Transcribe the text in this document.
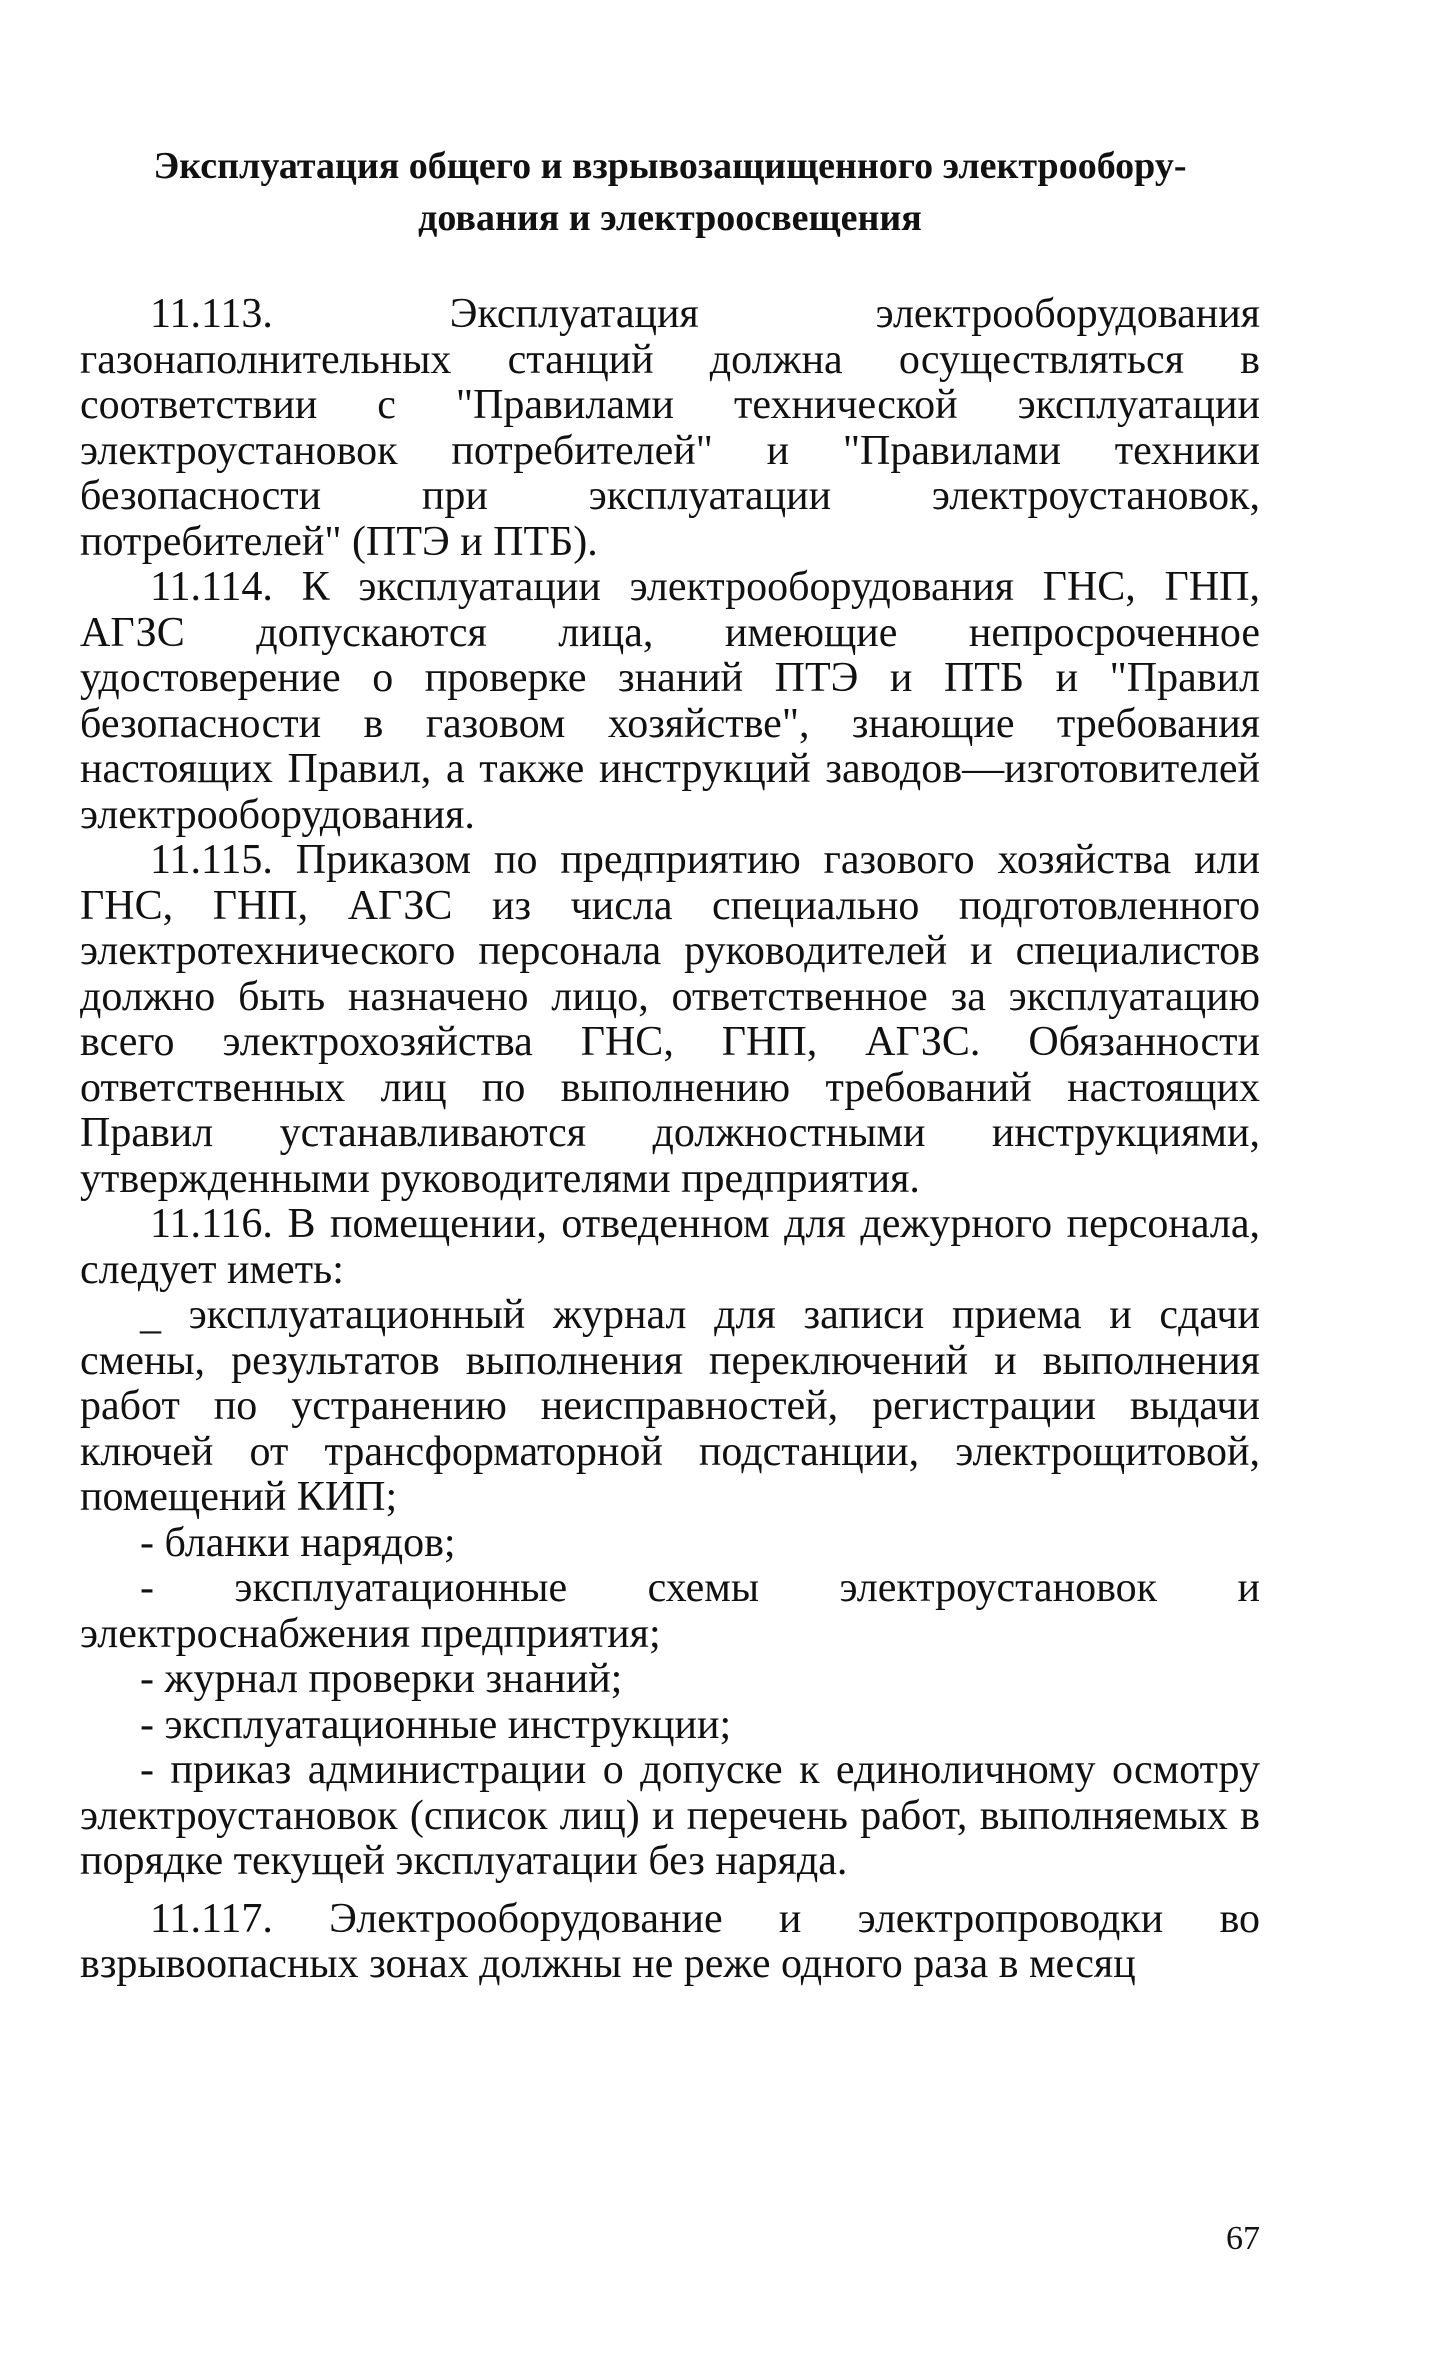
Эксплуатация общего и взрывозащищенного электрообору-
дования и электроосвещения

11.113. Эксплуатация электрооборудования газонаполнительных станций должна осуществляться в соответствии с "Правилами технической эксплуатации электроустановок потребителей" и "Правилами техники безопасности при эксплуатации электроустановок, потребителей" (ПТЭ и ПТБ).

11.114. К эксплуатации электрооборудования ГНС, ГНП, АГЗС допускаются лица, имеющие непросроченное удостоверение о проверке знаний ПТЭ и ПТБ и "Правил безопасности в газовом хозяйстве", знающие требования настоящих Правил, а также инструкций заводов—изготовителей электрооборудования.

11.115. Приказом по предприятию газового хозяйства или ГНС, ГНП, АГЗС из числа специально подготовленного электротехнического персонала руководителей и специалистов должно быть назначено лицо, ответственное за эксплуатацию всего электрохозяйства ГНС, ГНП, АГЗС. Обязанности ответственных лиц по выполнению требований настоящих Правил устанавливаются должностными инструкциями, утвержденными руководителями предприятия.

11.116. В помещении, отведенном для дежурного персонала, следует иметь:

_ эксплуатационный журнал для записи приема и сдачи смены, результатов выполнения переключений и выполнения работ по устранению неисправностей, регистрации выдачи ключей от трансформаторной подстанции, электрощитовой, помещений КИП;

- бланки нарядов;

- эксплуатационные схемы электроустановок и электроснабжения предприятия;

- журнал проверки знаний;

- эксплуатационные инструкции;

- приказ администрации о допуске к единоличному осмотру электроустановок (список лиц) и перечень работ, выполняемых в порядке текущей эксплуатации без наряда.

11.117. Электрооборудование и электропроводки во взрывоопасных зонах должны не реже одного раза в месяц

67
